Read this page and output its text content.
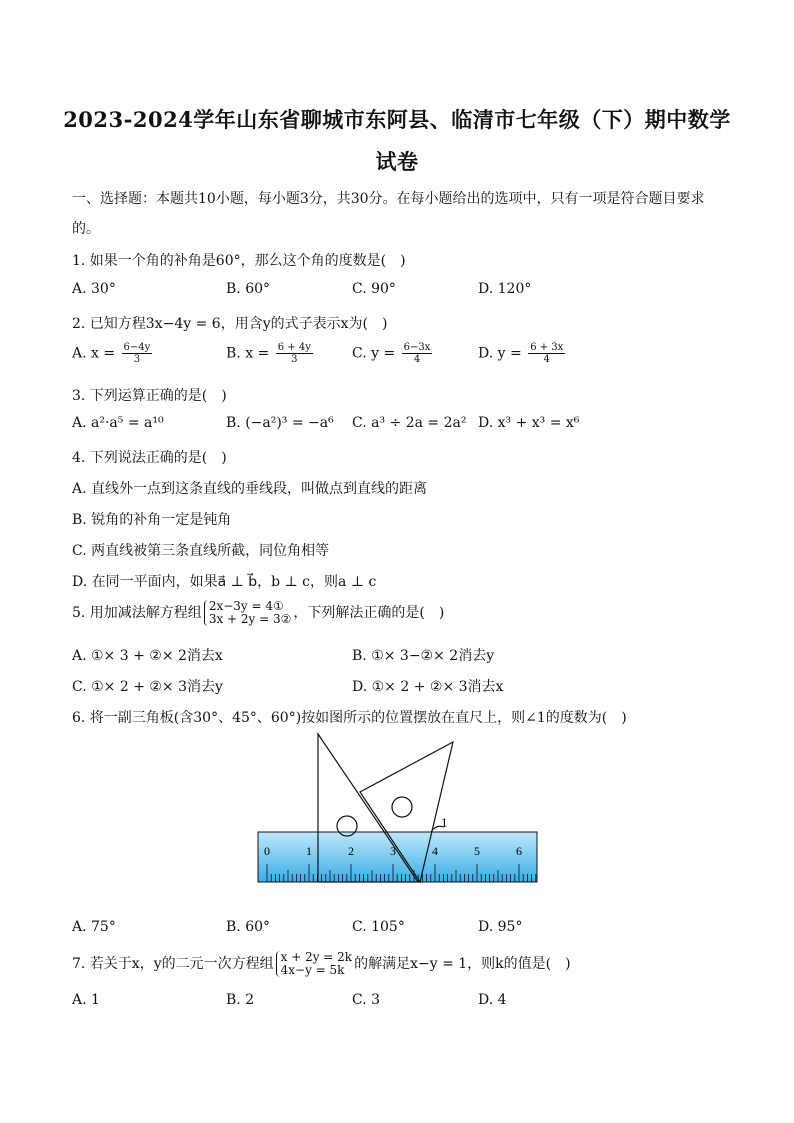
2023-2024学年山东省聊城市东阿县、临清市七年级（下）期中数学
试卷
一、选择题：本题共10小题，每小题3分，共30分。在每小题给出的选项中，只有一项是符合题目要求
的。
1. 如果一个角的补角是60°，那么这个角的度数是(　)
A. 30°	B. 60°	C. 90°	D. 120°
2. 已知方程3x−4y = 6，用含y的式子表示x为(　)
A. $x = \frac{6-4y}{3}$	B. $x = \frac{6 + 4y}{3}$	C. $y = \frac{6-3x}{4}$	D. $y = \frac{6 + 3x}{4}$
3. 下列运算正确的是(　)
A. a²·a⁵ = a¹⁰	B. (−a²)³ = −a⁶ C. a³ ÷ 2a = 2a² D. x³ + x³ = x⁶
4. 下列说法正确的是(　)
A. 直线外一点到这条直线的垂线段，叫做点到直线的距离
B. 锐角的补角一定是钝角
C. 两直线被第三条直线所截，同位角相等
D. 在同一平面内，如果a⃗ ⊥ b⃗，b ⊥ c，则a ⊥ c
5. 用加减法解方程组 2x−3y = 4①
3x + 2y = 3② ，下列解法正确的是(　)
A. ①× 3 + ②× 2消去x	B. ①× 3−②× 2消去y
C. ①× 2 + ②× 3消去y	D. ①× 2 + ②× 3消去x
6. 将一副三角板(含30°、45°、60°)按如图所示的位置摆放在直尺上，则∠1的度数为(　)
0	1	2	3	4	5	6
1
A. 75°	B. 60°	C. 105°	D. 95°
7. 若关于x，y的二元一次方程组 x + 2y = 2k
4x−y = 5k 的解满足x−y = 1，则k的值是(　)
A. 1	B. 2	C. 3	D. 4
